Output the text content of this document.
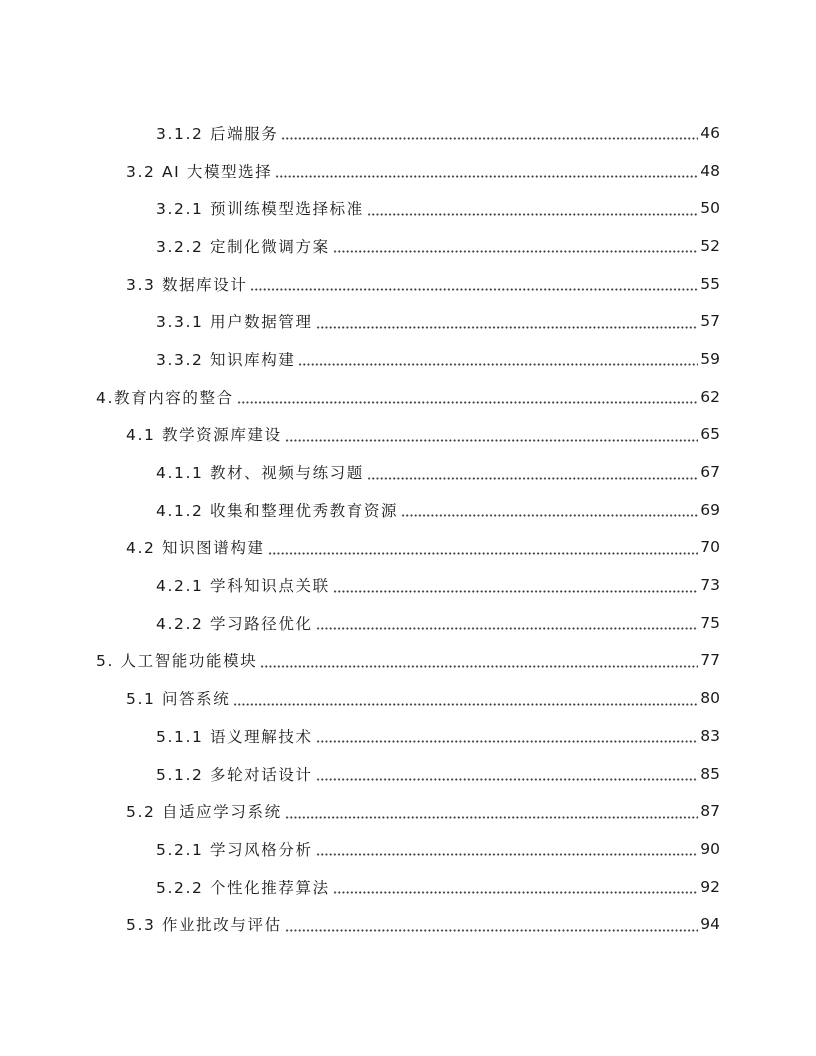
3.1.2 后端服务	46
3.2 AI 大模型选择	48
3.2.1 预训练模型选择标准	50
3.2.2 定制化微调方案	52
3.3 数据库设计	55
3.3.1 用户数据管理	57
3.3.2 知识库构建	59
4.教育内容的整合	62
4.1 教学资源库建设	65
4.1.1 教材、视频与练习题	67
4.1.2 收集和整理优秀教育资源	69
4.2 知识图谱构建	70
4.2.1 学科知识点关联	73
4.2.2 学习路径优化	75
5. 人工智能功能模块	77
5.1 问答系统	80
5.1.1 语义理解技术	83
5.1.2 多轮对话设计	85
5.2 自适应学习系统	87
5.2.1 学习风格分析	90
5.2.2 个性化推荐算法	92
5.3 作业批改与评估	94
